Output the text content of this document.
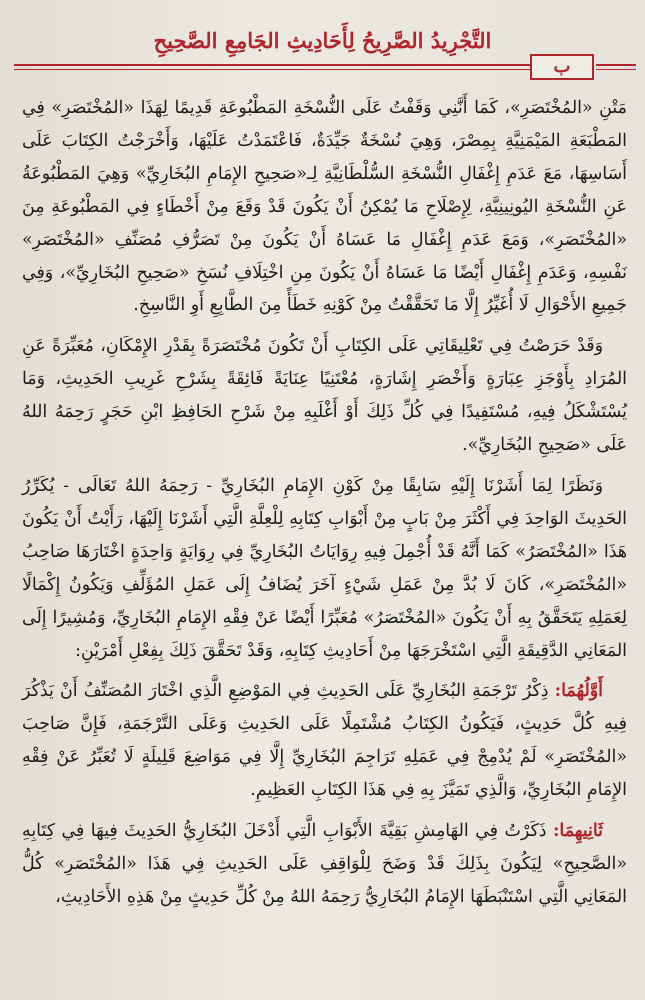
التَّجْرِيدُ الصَّرِيحُ لِأَحَادِيثِ الجَامِعِ الصَّحِيحِ
ب

مَتْنِ «المُخْتَصَرِ»، كَمَا أَنَّنِي وَقَفْتُ عَلَى النُّسْخَةِ المَطْبُوعَةِ قَدِيمًا لِهَذَا «المُخْتَصَرِ» فِي المَطْبَعَةِ المَيْمَنِيَّةِ بِمِصْرَ، وَهِيَ نُسْخَةٌ جَيِّدَةٌ، فَاعْتَمَدْتُ عَلَيْهَا، وَأَخْرَجْتُ الكِتَابَ عَلَى أَسَاسِهَا، مَعَ عَدَمِ إِغْفَالِ النُّسْخَةِ السُّلْطَانِيَّةِ لِـ«صَحِيحِ الإِمَامِ البُخَارِيِّ» وَهِيَ المَطْبُوعَةُ عَنِ النُّسْخَةِ اليُونِينِيَّةِ، لِإِصْلَاحِ مَا يُمْكِنُ أَنْ يَكُونَ قَدْ وَقَعَ مِنْ أَخْطَاءٍ فِي المَطْبُوعَةِ مِنَ «المُخْتَصَرِ»، وَمَعَ عَدَمِ إِغْفَالِ مَا عَسَاهُ أَنْ يَكُونَ مِنْ تَصَرُّفِ مُصَنِّفِ «المُخْتَصَرِ» نَفْسِهِ، وَعَدَمِ إِغْفَالِ أَيْضًا مَا عَسَاهُ أَنْ يَكُونَ مِنِ اخْتِلَافِ نُسَخِ «صَحِيحِ البُخَارِيِّ»، وَفِي جَمِيعِ الأَحْوَالِ لَا أُغَيِّرُ إِلَّا مَا تَحَقَّقْتُ مِنْ كَوْنِهِ خَطَأً مِنَ الطَّابِعِ أَوِ النَّاسِخِ.

وَقَدْ حَرَصْتُ فِي تَعْلِيقَاتِي عَلَى الكِتَابِ أَنْ تَكُونَ مُخْتَصَرَةً بِقَدْرِ الإِمْكَانِ، مُعَبِّرَةً عَنِ المُرَادِ بِأَوْجَزِ عِبَارَةٍ وَأَخْصَرِ إِشَارَةٍ، مُعْتَنِيًا عِنَايَةً فَائِقَةً بِشَرْحِ غَرِيبِ الحَدِيثِ، وَمَا يُسْتَشْكَلُ فِيهِ، مُسْتَفِيدًا فِي كُلِّ ذَلِكَ أَوْ أَغْلَبِهِ مِنْ شَرْحِ الحَافِظِ ابْنِ حَجَرٍ رَحِمَهُ اللهُ عَلَى «صَحِيحِ البُخَارِيِّ».

وَنَظَرًا لِمَا أَشَرْنَا إِلَيْهِ سَابِقًا مِنْ كَوْنِ الإِمَامِ البُخَارِيِّ - رَحِمَهُ اللهُ تَعَالَى - يُكَرِّرُ الحَدِيثَ الوَاحِدَ فِي أَكْثَرَ مِنْ بَابٍ مِنْ أَبْوَابِ كِتَابِهِ لِلْعِلَّةِ الَّتِي أَشَرْنَا إِلَيْهَا، رَأَيْتُ أَنْ يَكُونَ هَذَا «المُخْتَصَرُ» كَمَا أَنَّهُ قَدْ أُجْمِلَ فِيهِ رِوَايَاتُ البُخَارِيِّ فِي رِوَايَةٍ وَاحِدَةٍ اخْتَارَهَا صَاحِبُ «المُخْتَصَرِ»، كَانَ لَا بُدَّ مِنْ عَمَلِ شَيْءٍ آخَرَ يُضَافُ إِلَى عَمَلِ المُؤَلِّفِ وَيَكُونُ إِكْمَالًا لِعَمَلِهِ يَتَحَقَّقُ بِهِ أَنْ يَكُونَ «المُخْتَصَرُ» مُعَبِّرًا أَيْضًا عَنْ فِقْهِ الإِمَامِ البُخَارِيِّ، وَمُشِيرًا إِلَى المَعَانِي الدَّقِيقَةِ الَّتِي اسْتَخْرَجَهَا مِنْ أَحَادِيثِ كِتَابِهِ، وَقَدْ تَحَقَّقَ ذَلِكَ بِفِعْلِ أَمْرَيْنِ:

أَوَّلُهُمَا: ذِكْرُ تَرْجَمَةِ البُخَارِيِّ عَلَى الحَدِيثِ فِي المَوْضِعِ الَّذِي اخْتَارَ المُصَنِّفُ أَنْ يَذْكُرَ فِيهِ كُلَّ حَدِيثٍ، فَيَكُونُ الكِتَابُ مُشْتَمِلًا عَلَى الحَدِيثِ وَعَلَى التَّرْجَمَةِ، فَإِنَّ صَاحِبَ «المُخْتَصَرِ» لَمْ يُدْمِجْ فِي عَمَلِهِ تَرَاجِمَ البُخَارِيِّ إِلَّا فِي مَوَاضِعَ قَلِيلَةٍ لَا تُعَبِّرُ عَنْ فِقْهِ الإِمَامِ البُخَارِيِّ، وَالَّذِي تَمَيَّزَ بِهِ فِي هَذَا الكِتَابِ العَظِيمِ.

ثَانِيهِمَا: ذَكَرْتُ فِي الهَامِشِ بَقِيَّةَ الأَبْوَابِ الَّتِي أَدْخَلَ البُخَارِيُّ الحَدِيثَ فِيهَا فِي كِتَابِهِ «الصَّحِيحِ» لِيَكُونَ بِذَلِكَ قَدْ وَضَحَ لِلْوَاقِفِ عَلَى الحَدِيثِ فِي هَذَا «المُخْتَصَرِ» كُلُّ المَعَانِي الَّتِي اسْتَنْبَطَهَا الإِمَامُ البُخَارِيُّ رَحِمَهُ اللهُ مِنْ كُلِّ حَدِيثٍ مِنْ هَذِهِ الأَحَادِيثِ،
